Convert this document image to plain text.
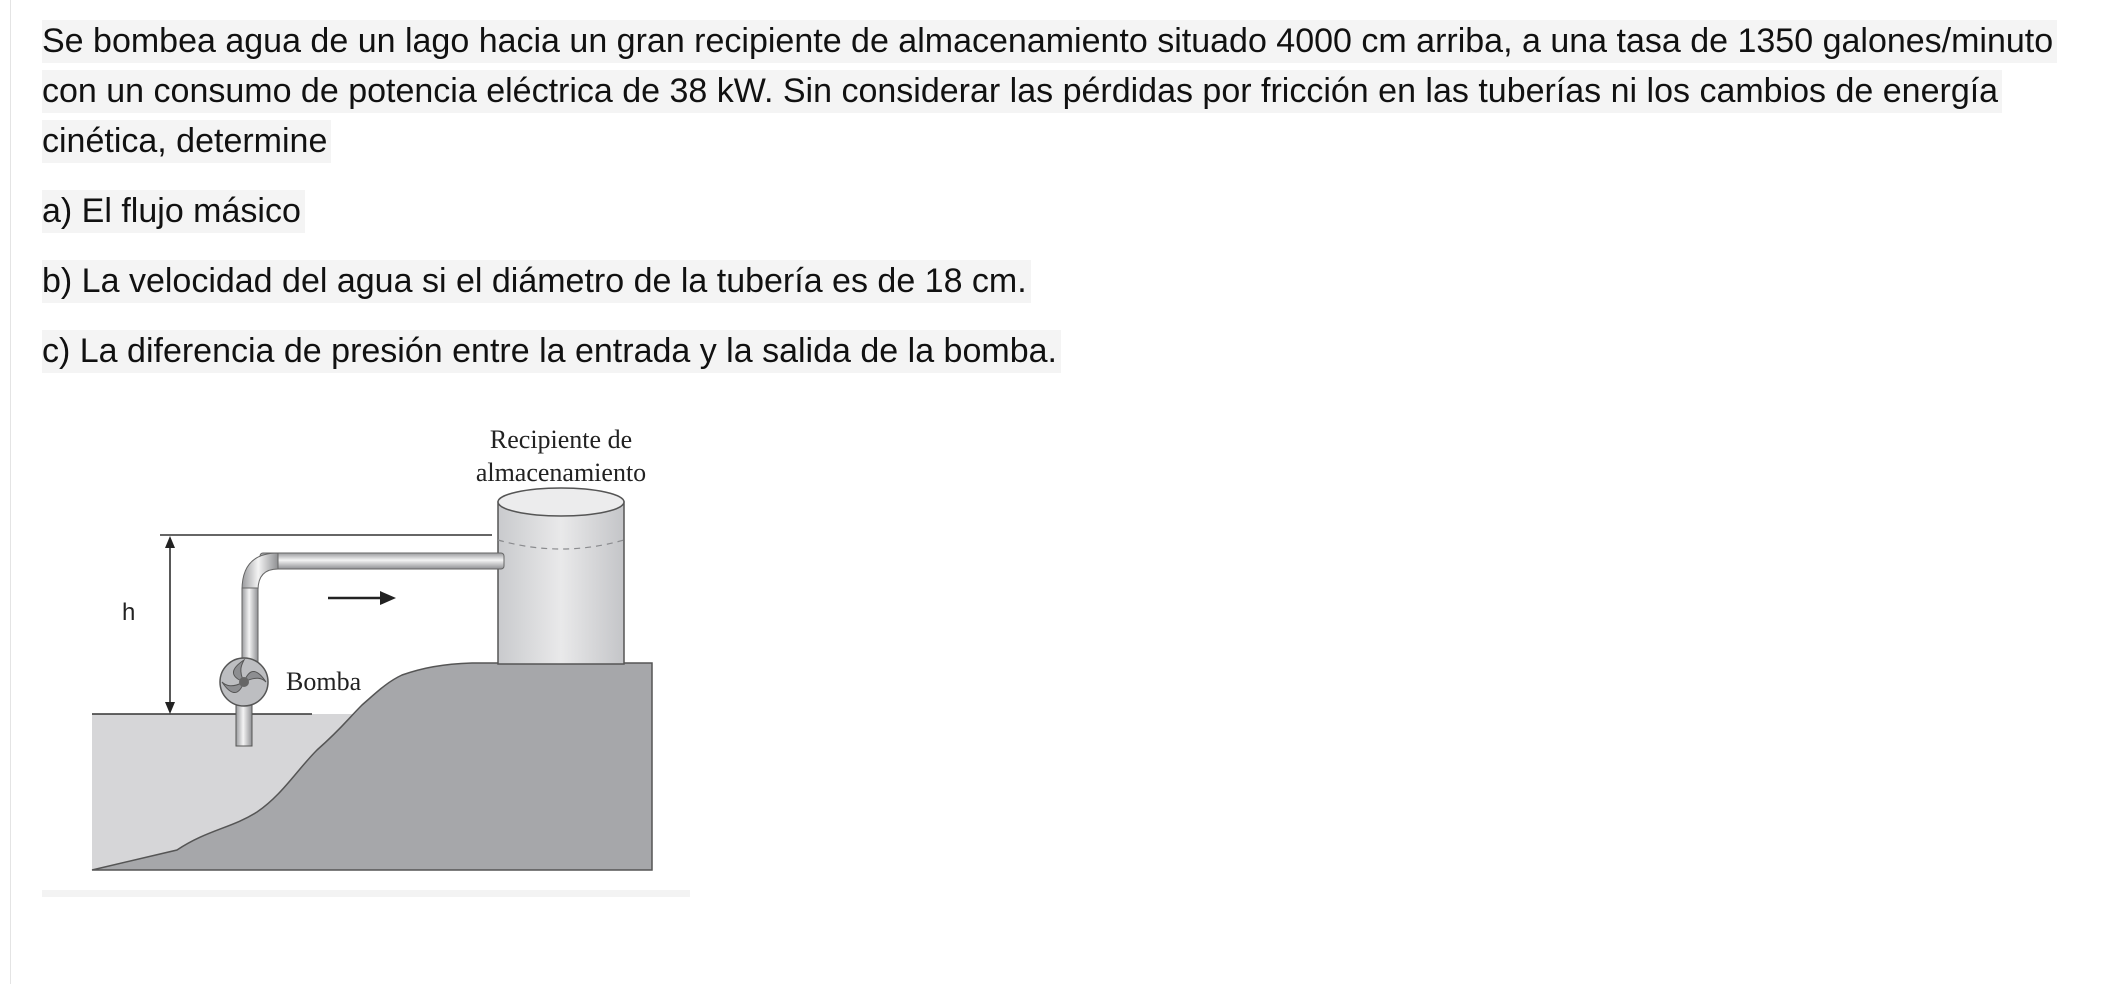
Se bombea agua de un lago hacia un gran recipiente de almacenamiento situado 4000 cm arriba, a una tasa de 1350 galones/minuto con un consumo de potencia eléctrica de 38 kW. Sin considerar las pérdidas por fricción en las tuberías ni los cambios de energía cinética, determine

a) El flujo másico

b) La velocidad del agua si el diámetro de la tubería es de 18 cm.

c) La diferencia de presión entre la entrada y la salida de la bomba.

Recipiente de
almacenamiento
h
Bomba
